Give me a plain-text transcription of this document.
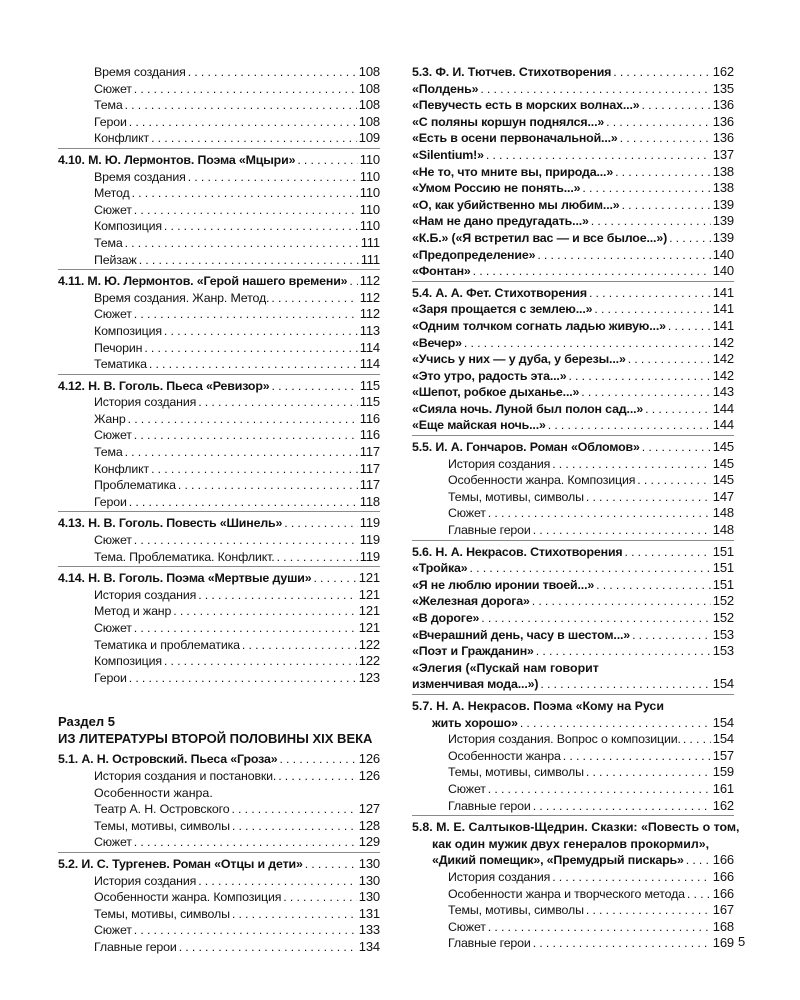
Время создания . . .	108
Сюжет . . .	108
Тема . . .	108
Герои . . .	108
Конфликт . . .	109
4.10. М. Ю. Лермонтов. Поэма «Мцыри» . . .	110
Время создания . . .	110
Метод . . .	110
Сюжет . . .	110
Композиция . . .	110
Тема . . .	111
Пейзаж . . .	111
4.11. М. Ю. Лермонтов. «Герой нашего времени» . . . 112
Время создания. Жанр. Метод. . . .	112
Сюжет . . .	112
Композиция . . .	113
Печорин . . .	114
Тематика . . .	114
4.12. Н. В. Гоголь. Пьеса «Ревизор» . . .	115
История создания . . .	115
Жанр . . .	116
Сюжет . . .	116
Тема . . .	117
Конфликт . . .	117
Проблематика . . .	117
Герои . . .	118
4.13. Н. В. Гоголь. Повесть «Шинель» . . .	119
Сюжет . . .	119
Тема. Проблематика. Конфликт. . . .	119
4.14. Н. В. Гоголь. Поэма «Мертвые души» . . .	121
История создания . . .	121
Метод и жанр . . .	121
Сюжет . . .	121
Тематика и проблематика . . .	122
Композиция . . .	122
Герои . . .	123
Раздел 5
ИЗ ЛИТЕРАТУРЫ ВТОРОЙ ПОЛОВИНЫ XIX ВЕКА
5.1. А. Н. Островский. Пьеса «Гроза» . . .	126
История создания и постановки. . . .	126
Особенности жанра.
Театр А. Н. Островского . . .	127
Темы, мотивы, символы . . .	128
Сюжет . . .	129
5.2. И. С. Тургенев. Роман «Отцы и дети» . . .	130
История создания . . .	130
Особенности жанра. Композиция . . .	130
Темы, мотивы, символы . . .	131
Сюжет . . .	133
Главные герои . . .	134
5.3. Ф. И. Тютчев. Стихотворения . . .	162
«Полдень» . . .	135
«Певучесть есть в морских волнах...» . . .	136
«С поляны коршун поднялся...» . . .	136
«Есть в осени первоначальной...» . . .	136
«Silentium!» . . .	137
«Не то, что мните вы, природа...» . . .	138
«Умом Россию не понять...» . . .	138
«О, как убийственно мы любим...» . . .	139
«Нам не дано предугадать...» . . .	139
«К.Б.» («Я встретил вас — и все былое...») . . .	139
«Предопределение» . . .	140
«Фонтан» . . .	140
5.4. А. А. Фет. Стихотворения . . .	141
«Заря прощается с землею...» . . .	141
«Одним толчком согнать ладью живую...» . . .	141
«Вечер» . . .	142
«Учись у них — у дуба, у березы...» . . .	142
«Это утро, радость эта...» . . .	142
«Шепот, робкое дыханье...» . . .	143
«Сияла ночь. Луной был полон сад...» . . .	144
«Еще майская ночь...» . . .	144
5.5. И. А. Гончаров. Роман «Обломов» . . .	145
История создания . . .	145
Особенности жанра. Композиция . . .	145
Темы, мотивы, символы . . .	147
Сюжет . . .	148
Главные герои . . .	148
5.6. Н. А. Некрасов. Стихотворения . . .	151
«Тройка» . . .	151
«Я не люблю иронии твоей...» . . .	151
«Железная дорога» . . .	152
«В дороге» . . .	152
«Вчерашний день, часу в шестом...» . . .	153
«Поэт и Гражданин» . . .	153
«Элегия («Пускай нам говорит
изменчивая мода...») . . .	154
5.7. Н. А. Некрасов. Поэма «Кому на Руси
жить хорошо» . . .	154
История создания. Вопрос о композиции. . . . 154
Особенности жанра . . .	157
Темы, мотивы, символы . . .	159
Сюжет . . .	161
Главные герои . . .	162
5.8. М. Е. Салтыков-Щедрин. Сказки: «Повесть о том,
как один мужик двух генералов прокормил»,
«Дикий помещик», «Премудрый пискарь» . . . 166
История создания . . .	166
Особенности жанра и творческого метода . . . 166
Темы, мотивы, символы . . .	167
Сюжет . . .	168
Главные герои . . .	169 5
